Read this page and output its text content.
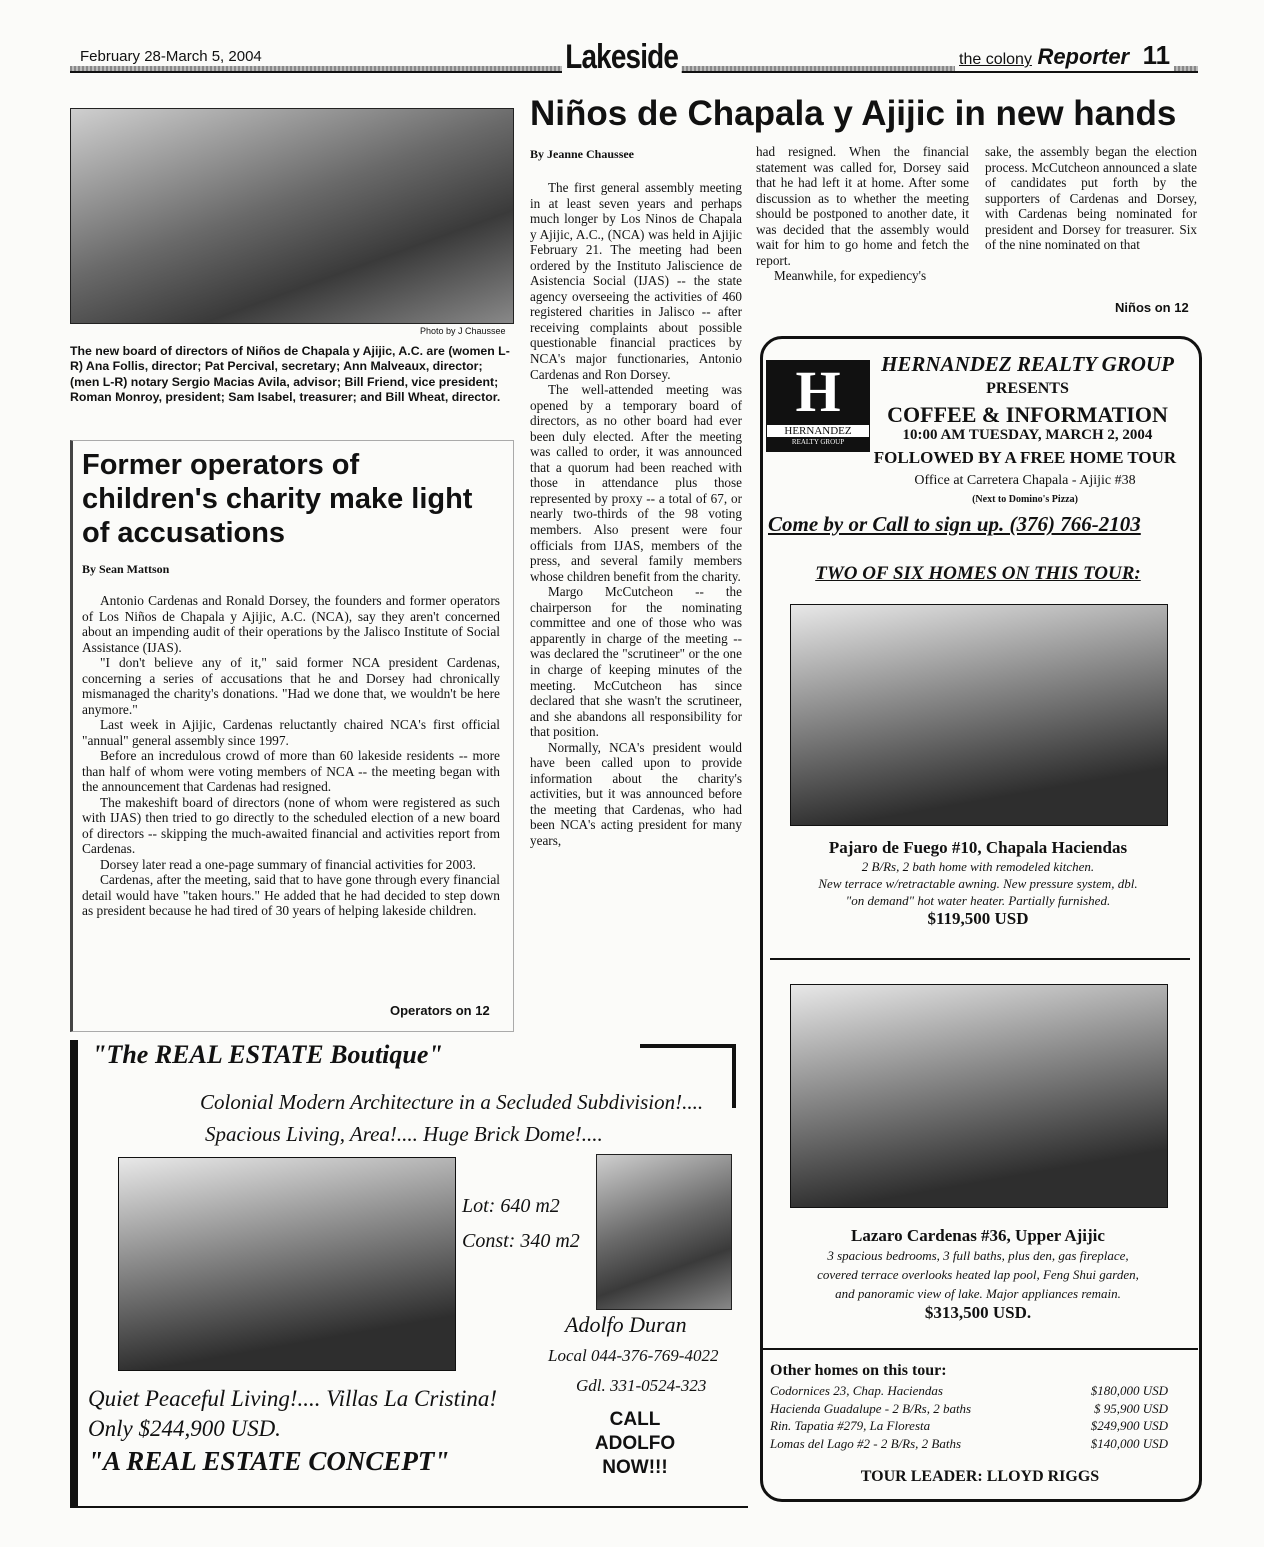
February 28-March 5, 2004	Lakeside	the colony Reporter 11
Photo by J Chaussee
The new board of directors of Niños de Chapala y Ajijic, A.C. are (women L-R) Ana Follis, director; Pat Percival, secretary; Ann Malveaux, director; (men L-R) notary Sergio Macias Avila, advisor; Bill Friend, vice president; Roman Monroy, president; Sam Isabel, treasurer; and Bill Wheat, director.
Former operators of children's charity make light of accusations
By Sean Mattson

Antonio Cardenas and Ronald Dorsey, the founders and former operators of Los Niños de Chapala y Ajijic, A.C. (NCA), say they aren't concerned about an impending audit of their operations by the Jalisco Institute of Social Assistance (IJAS).

"I don't believe any of it," said former NCA president Cardenas, concerning a series of accusations that he and Dorsey had chronically mismanaged the charity's donations. "Had we done that, we wouldn't be here anymore."

Last week in Ajijic, Cardenas reluctantly chaired NCA's first official "annual" general assembly since 1997.

Before an incredulous crowd of more than 60 lakeside residents -- more than half of whom were voting members of NCA -- the meeting began with the announcement that Cardenas had resigned.

The makeshift board of directors (none of whom were registered as such with IJAS) then tried to go directly to the scheduled election of a new board of directors -- skipping the much-awaited financial and activities report from Cardenas.

Dorsey later read a one-page summary of financial activities for 2003.

Cardenas, after the meeting, said that to have gone through every financial detail would have "taken hours." He added that he had decided to step down as president because he had tired of 30 years of helping lakeside children.

Operators on 12
Niños de Chapala y Ajijic in new hands
By Jeanne Chaussee

The first general assembly meeting in at least seven years and perhaps much longer by Los Ninos de Chapala y Ajijic, A.C., (NCA) was held in Ajijic February 21. The meeting had been ordered by the Instituto Jaliscience de Asistencia Social (IJAS) -- the state agency overseeing the activities of 460 registered charities in Jalisco -- after receiving complaints about possible questionable financial practices by NCA's major functionaries, Antonio Cardenas and Ron Dorsey.

The well-attended meeting was opened by a temporary board of directors, as no other board had ever been duly elected. After the meeting was called to order, it was announced that a quorum had been reached with those in attendance plus those represented by proxy -- a total of 67, or nearly two-thirds of the 98 voting members. Also present were four officials from IJAS, members of the press, and several family members whose children benefit from the charity.

Margo McCutcheon -- the chairperson for the nominating committee and one of those who was apparently in charge of the meeting -- was declared the "scrutineer" or the one in charge of keeping minutes of the meeting. McCutcheon has since declared that she wasn't the scrutineer, and she abandons all responsibility for that position.

Normally, NCA's president would have been called upon to provide information about the charity's activities, but it was announced before the meeting that Cardenas, who had been NCA's acting president for many years,

had resigned. When the financial statement was called for, Dorsey said that he had left it at home. After some discussion as to whether the meeting should be postponed to another date, it was decided that the assembly would wait for him to go home and fetch the report.

Meanwhile, for expediency's

sake, the assembly began the election process. McCutcheon announced a slate of candidates put forth by the supporters of Cardenas and Dorsey, with Cardenas being nominated for president and Dorsey for treasurer. Six of the nine nominated on that

Niños on 12
H
HERNANDEZ
REALTY GROUP
HERNANDEZ REALTY GROUP
PRESENTS
COFFEE & INFORMATION
10:00 AM TUESDAY, MARCH 2, 2004
FOLLOWED BY A FREE HOME TOUR
Office at Carretera Chapala - Ajijic #38
(Next to Domino's Pizza)
Come by or Call to sign up. (376) 766-2103
TWO OF SIX HOMES ON THIS TOUR:
Pajaro de Fuego #10, Chapala Haciendas
2 B/Rs, 2 bath home with remodeled kitchen.
New terrace w/retractable awning. New pressure system, dbl.
"on demand" hot water heater. Partially furnished.
$119,500 USD
Lazaro Cardenas #36, Upper Ajijic
3 spacious bedrooms, 3 full baths, plus den, gas fireplace,
covered terrace overlooks heated lap pool, Feng Shui garden,
and panoramic view of lake. Major appliances remain.
$313,500 USD.
Other homes on this tour:
Codornices 23, Chap. Haciendas	$180,000 USD
Hacienda Guadalupe - 2 B/Rs, 2 baths	$ 95,900 USD
Rin. Tapatia #279, La Floresta	$249,900 USD
Lomas del Lago #2 - 2 B/Rs, 2 Baths	$140,000 USD
TOUR LEADER: LLOYD RIGGS
"The REAL ESTATE Boutique"
Colonial Modern Architecture in a Secluded Subdivision!....
Spacious Living, Area!.... Huge Brick Dome!....
Lot: 640 m2
Const: 340 m2
Adolfo Duran
Local 044-376-769-4022
Gdl. 331-0524-323
Quiet Peaceful Living!.... Villas La Cristina!
Only $244,900 USD.
"A REAL ESTATE CONCEPT"
CALL ADOLFO NOW!!!
